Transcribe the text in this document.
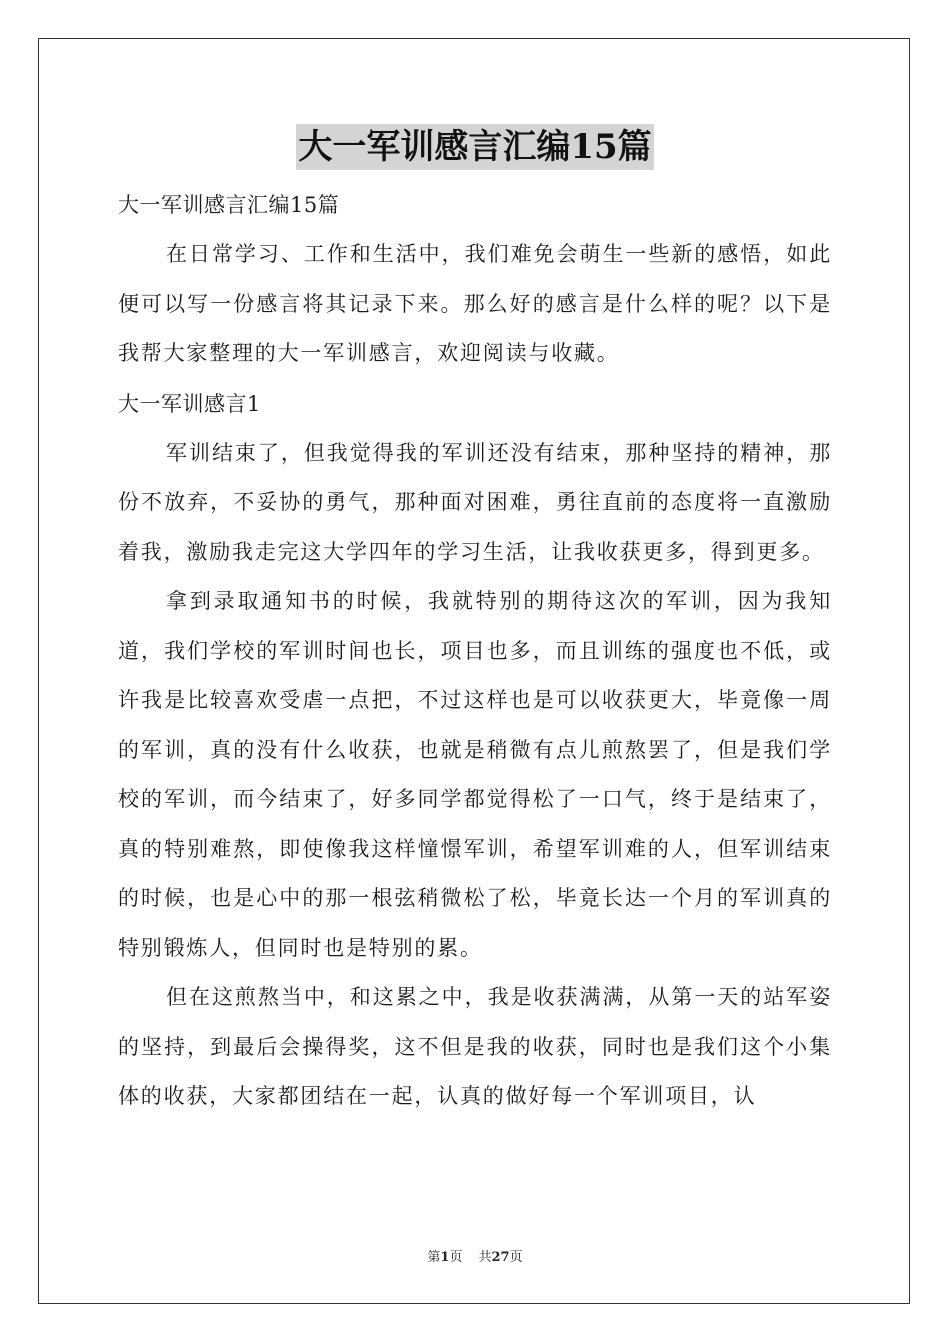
大一军训感言汇编15篇
大一军训感言汇编15篇

在日常学习、工作和生活中，我们难免会萌生一些新的感悟，如此便可以写一份感言将其记录下来。那么好的感言是什么样的呢？以下是我帮大家整理的大一军训感言，欢迎阅读与收藏。

大一军训感言1

军训结束了，但我觉得我的军训还没有结束，那种坚持的精神，那份不放弃，不妥协的勇气，那种面对困难，勇往直前的态度将一直激励着我，激励我走完这大学四年的学习生活，让我收获更多，得到更多。

拿到录取通知书的时候，我就特别的期待这次的军训，因为我知道，我们学校的军训时间也长，项目也多，而且训练的强度也不低，或许我是比较喜欢受虐一点把，不过这样也是可以收获更大，毕竟像一周的军训，真的没有什么收获，也就是稍微有点儿煎熬罢了，但是我们学校的军训，而今结束了，好多同学都觉得松了一口气，终于是结束了，真的特别难熬，即使像我这样憧憬军训，希望军训难的人，但军训结束的时候，也是心中的那一根弦稍微松了松，毕竟长达一个月的军训真的特别锻炼人，但同时也是特别的累。

但在这煎熬当中，和这累之中，我是收获满满，从第一天的站军姿的坚持，到最后会操得奖，这不但是我的收获，同时也是我们这个小集体的收获，大家都团结在一起，认真的做好每一个军训项目，认

第1页 共27页
